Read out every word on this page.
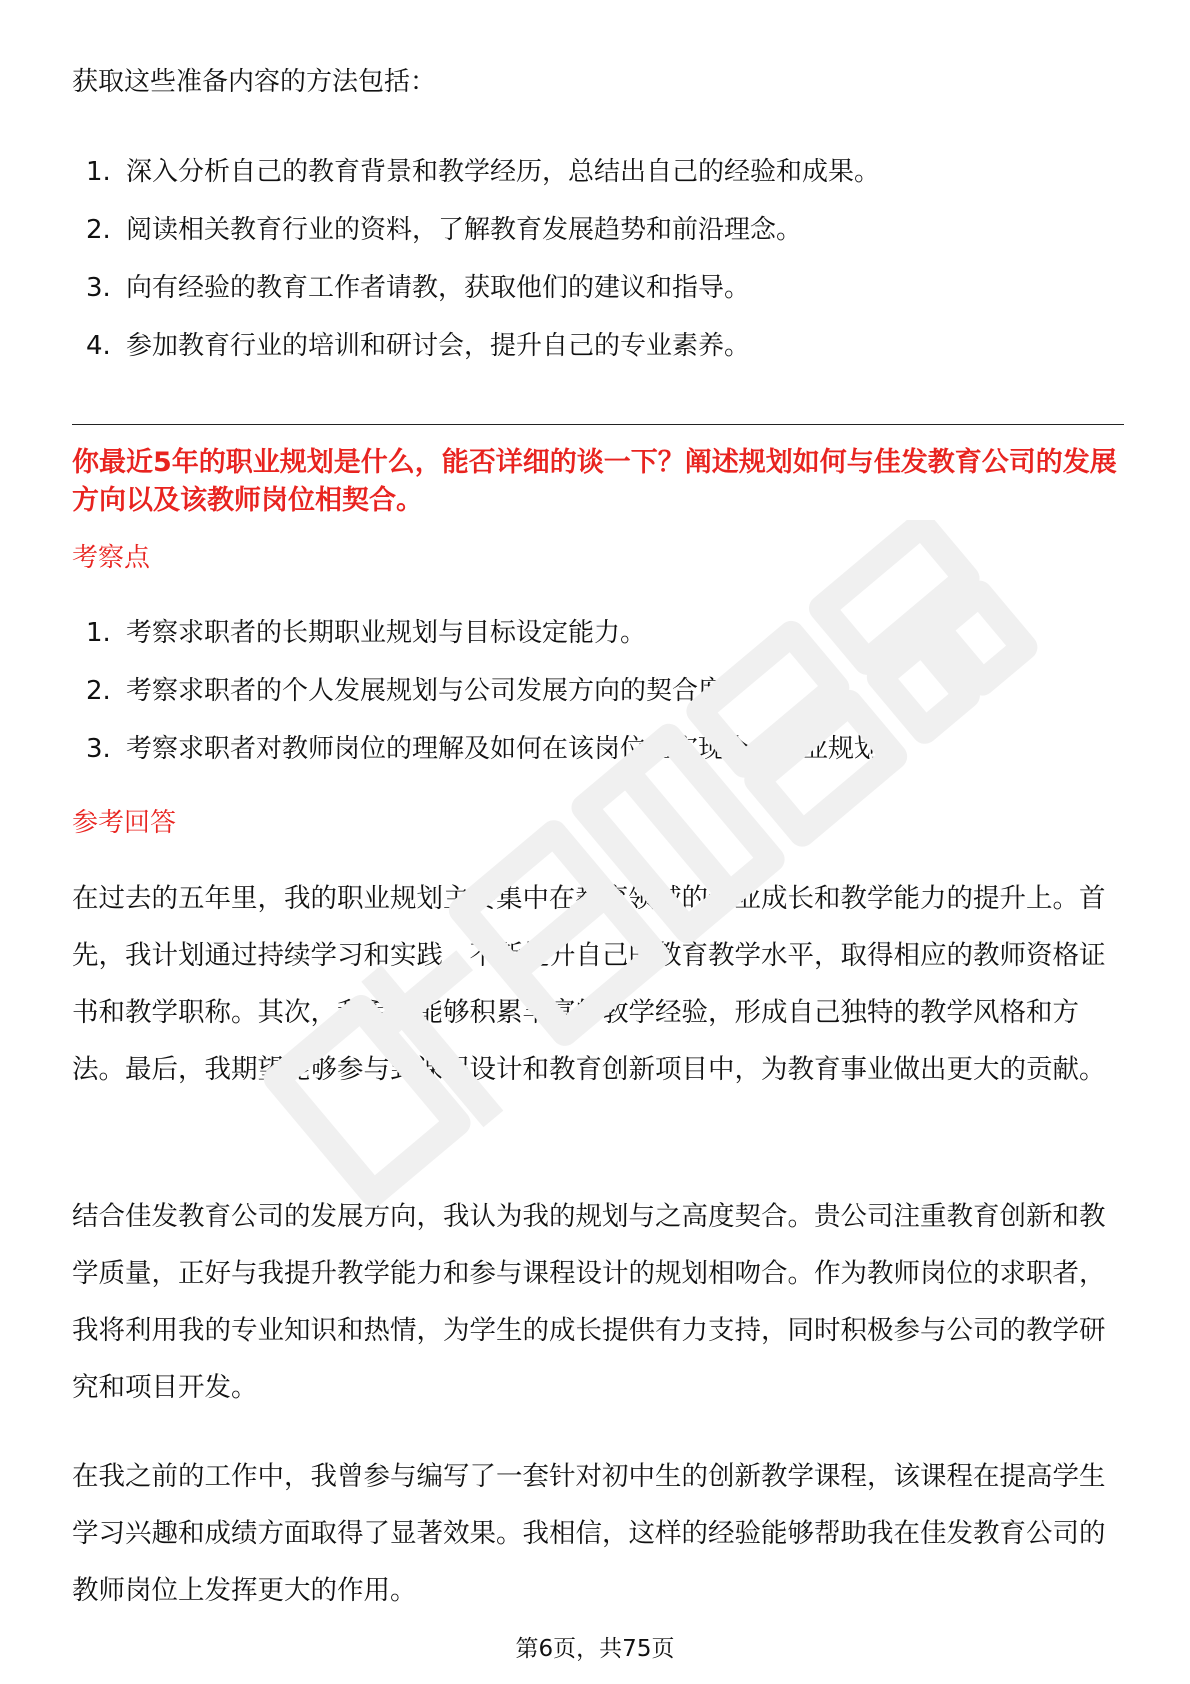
获取这些准备内容的方法包括：

1. 深入分析自己的教育背景和教学经历，总结出自己的经验和成果。
2. 阅读相关教育行业的资料，了解教育发展趋势和前沿理念。
3. 向有经验的教育工作者请教，获取他们的建议和指导。
4. 参加教育行业的培训和研讨会，提升自己的专业素养。
你最近5年的职业规划是什么，能否详细的谈一下？阐述规划如何与佳发教育公司的发展方向以及该教师岗位相契合。
考察点
1. 考察求职者的长期职业规划与目标设定能力。
2. 考察求职者的个人发展规划与公司发展方向的契合度。
3. 考察求职者对教师岗位的理解及如何在该岗位上实现个人职业规划。
参考回答

在过去的五年里，我的职业规划主要集中在教育领域的专业成长和教学能力的提升上。首先，我计划通过持续学习和实践，不断提升自己的教育教学水平，取得相应的教师资格证书和教学职称。其次，我希望能够积累丰富的教学经验，形成自己独特的教学风格和方法。最后，我期望能够参与到课程设计和教育创新项目中，为教育事业做出更大的贡献。

结合佳发教育公司的发展方向，我认为我的规划与之高度契合。贵公司注重教育创新和教学质量，正好与我提升教学能力和参与课程设计的规划相吻合。作为教师岗位的求职者，我将利用我的专业知识和热情，为学生的成长提供有力支持，同时积极参与公司的教学研究和项目开发。

在我之前的工作中，我曾参与编写了一套针对初中生的创新教学课程，该课程在提高学生学习兴趣和成绩方面取得了显著效果。我相信，这样的经验能够帮助我在佳发教育公司的教师岗位上发挥更大的作用。

第6页，共75页
